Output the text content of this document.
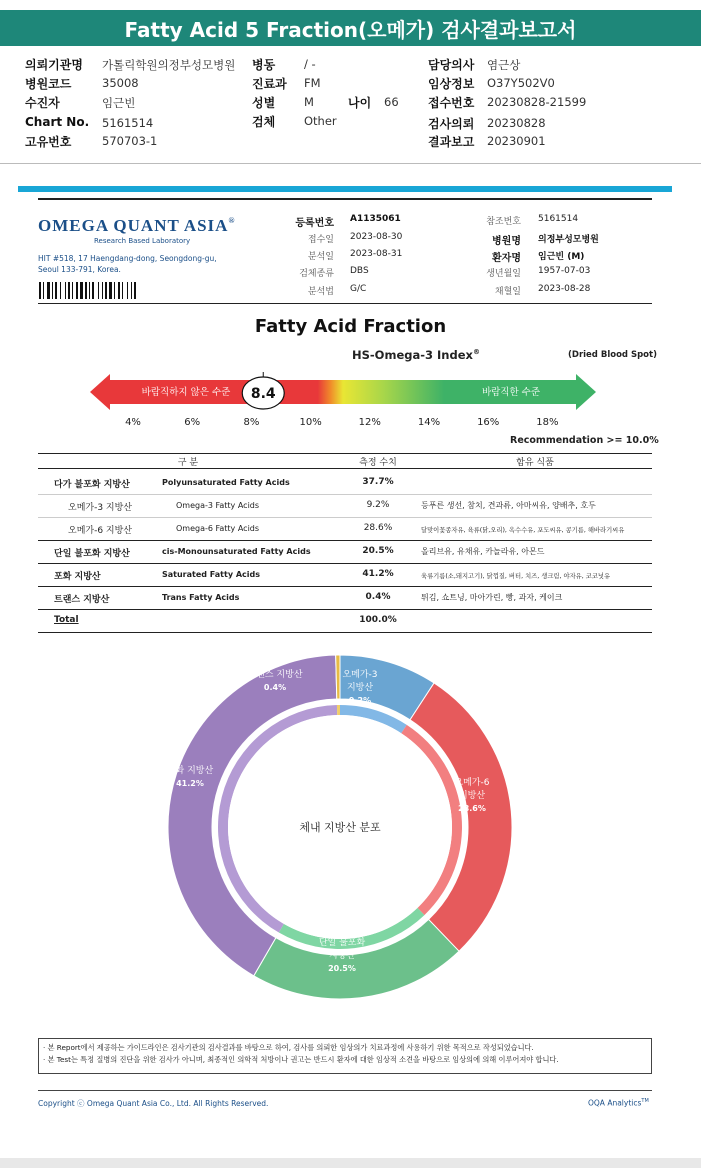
Fatty Acid 5 Fraction(오메가) 검사결과보고서
의뢰기관명 가톨릭학원의정부성모병원
병원코드	35008
수진자	임근빈
Chart No. 5161514
고유번호	570703-1
병동	/ -
진료과 FM
성별	M	나이 66
검체	Other
담당의사 염근상
임상정보 O37Y502V0
접수번호 20230828-21599
검사의뢰 20230828
결과보고 20230901
OMEGA QUANT ASIA®
Research Based Laboratory
HIT #518, 17 Haengdang-dong, Seongdong-gu,
Seoul 133-791, Korea.
등록번호 A1135061
접수일 2023-08-30
분석일 2023-08-31
검체종류 DBS
분석법 G/C
참조번호 5161514
병원명 의정부성모병원
환자명 임근빈 (M)
생년월일 1957-07-03
채혈일 2023-08-28
Fatty Acid Fraction
HS-Omega-3 Index®	(Dried Blood Spot)
바람직하지 않은 수준	바람직한 수준
8.4
4%	6%	8%	10%	12%	14%	16%	18%
Recommendation >= 10.0%
구 분	측정 수치	함유 식품
다가 불포화 지방산	Polyunsaturated Fatty Acids	37.7%
오메가-3 지방산	Omega-3 Fatty Acids	9.2%	등푸른 생선, 참치, 견과류, 아마씨유, 양배추, 호두
오메가-6 지방산	Omega-6 Fatty Acids	28.6%	달맞이꽃종자유, 육류(닭,오리), 옥수수유, 포도씨유, 콩기름, 해바라기씨유
단일 불포화 지방산	cis-Monounsaturated Fatty Acids	20.5%	올리브유, 유채유, 카놀라유, 아몬드
포화 지방산	Saturated Fatty Acids	41.2%	육류기름(소,돼지고기), 닭껍질, 버터, 치즈, 생크림, 야자유, 코코넛유
트랜스 지방산	Trans Fatty Acids	0.4%	튀김, 쇼트닝, 마아가린, 빵, 과자, 케이크
Total	100.0%
체내 지방산 분포
오메가-3
지방산
9.2%
오메가-6
지방산
28.6%
단일 불포화
지방산
20.5%
포화 지방산
41.2%
트랜스 지방산
0.4%
· 본 Report에서 제공하는 가이드라인은 검사기관의 검사결과를 바탕으로 하여, 검사를 의뢰한 임상의가 치료과정에 사용하기 위한 목적으로 작성되었습니다.
· 본 Test는 특정 질병의 진단을 위한 검사가 아니며, 최종적인 의학적 처방이나 권고는 반드시 환자에 대한 임상적 소견을 바탕으로 임상의에 의해 이루어져야 합니다.
Copyright ⓒ Omega Quant Asia Co., Ltd. All Rights Reserved.	OQA Analytics™
